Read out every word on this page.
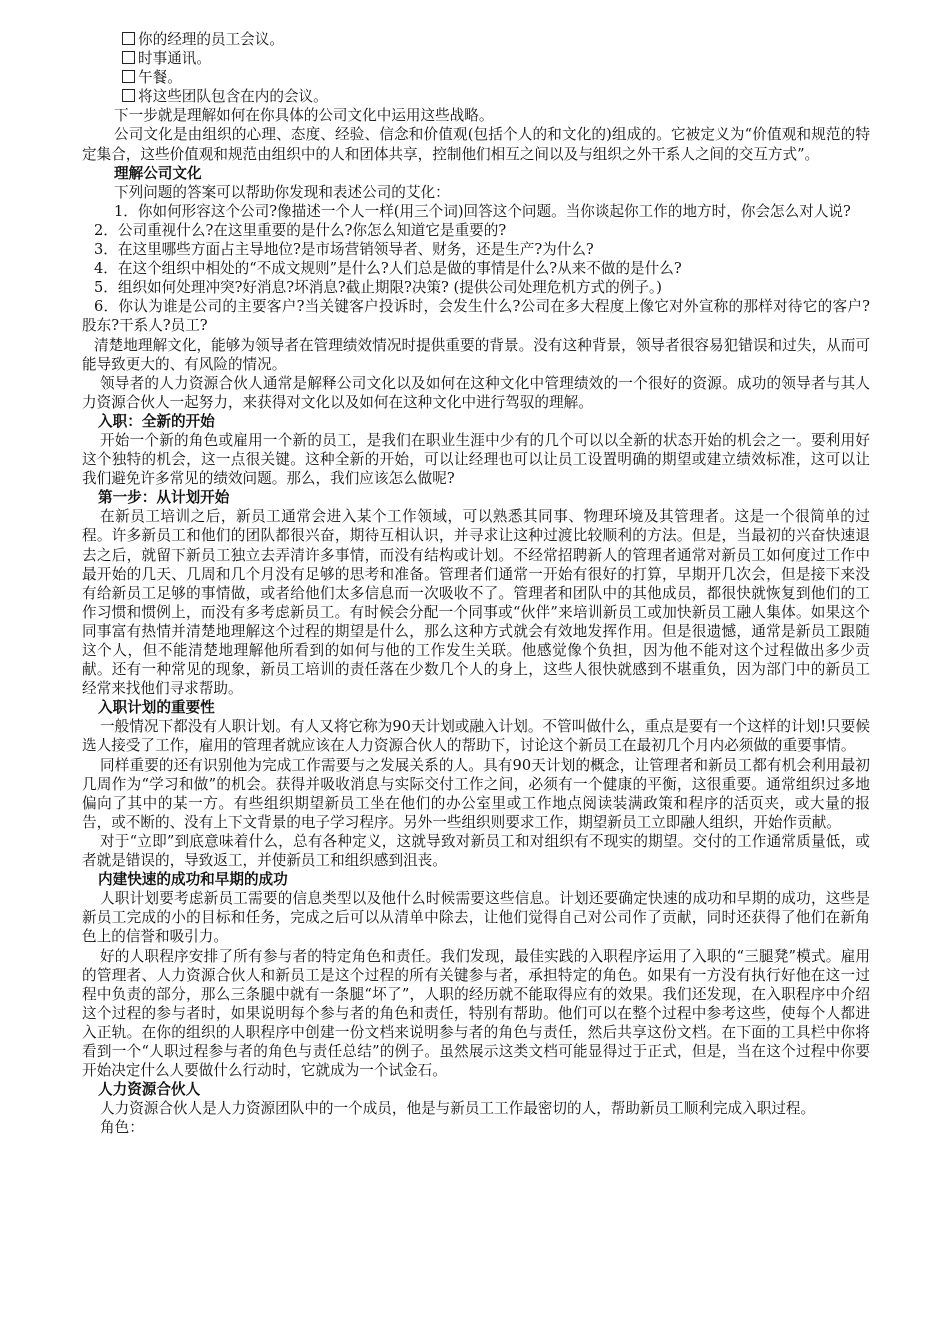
你的经理的员工会议。

时事通讯。

午餐。

将这些团队包含在内的会议。

下一步就是理解如何在你具体的公司文化中运用这些战略。

公司文化是由组织的心理、态度、经验、信念和价值观(包括个人的和文化的)组成的。它被定义为“价值观和规范的特定集合，这些价值观和规范由组织中的人和团体共享，控制他们相互之间以及与组织之外干系人之间的交互方式”。

理解公司文化

下列问题的答案可以帮助你发现和表述公司的艾化：

1．你如何形容这个公司?像描述一个人一样(用三个词)回答这个问题。当你谈起你工作的地方时，你会怎么对人说?

2．公司重视什么?在这里重要的是什么?你怎么知道它是重要的?

3．在这里哪些方面占主导地位?是市场营销领导者、财务，还是生产?为什么?

4．在这个组织中相处的“不成文规则”是什么?人们总是做的事情是什么?从来不做的是什么?

5．组织如何处理冲突?好消息?坏消息?截止期限?决策? (提供公司处理危机方式的例子。)

6．你认为谁是公司的主要客户?当关键客户投诉时，会发生什么?公司在多大程度上像它对外宣称的那样对待它的客户?股东?干系人?员工?

清楚地理解文化，能够为领导者在管理绩效情况时提供重要的背景。没有这种背景，领导者很容易犯错误和过失，从而可能导致更大的、有风险的情况。

领导者的人力资源合伙人通常是解释公司文化以及如何在这种文化中管理绩效的一个很好的资源。成功的领导者与其人力资源合伙人一起努力，来获得对文化以及如何在这种文化中进行驾驭的理解。

入职：全新的开始

开始一个新的角色或雇用一个新的员工，是我们在职业生涯中少有的几个可以以全新的状态开始的机会之一。要利用好这个独特的机会，这一点很关键。这种全新的开始，可以让经理也可以让员工设置明确的期望或建立绩效标准，这可以让我们避免许多常见的绩效问题。那么，我们应该怎么做呢?

第一步：从计划开始

在新员工培训之后，新员工通常会进入某个工作领域，可以熟悉其同事、物理环境及其管理者。这是一个很简单的过程。许多新员工和他们的团队都很兴奋，期待互相认识，并寻求让这种过渡比较顺利的方法。但是，当最初的兴奋快速退去之后，就留下新员工独立去弄清许多事情，而没有结构或计划。不经常招聘新人的管理者通常对新员工如何度过工作中最开始的几天、几周和几个月没有足够的思考和准备。管理者们通常一开始有很好的打算，早期开几次会，但是接下来没有给新员工足够的事情做，或者给他们太多信息而一次吸收不了。管理者和团队中的其他成员，都很快就恢复到他们的工作习惯和惯例上，而没有多考虑新员工。有时候会分配一个同事或“伙伴”来培训新员工或加快新员工融人集体。如果这个同事富有热情并清楚地理解这个过程的期望是什么，那么这种方式就会有效地发挥作用。但是很遗憾，通常是新员工跟随这个人，但不能清楚地理解他所看到的如何与他的工作发生关联。他感觉像个负担，因为他不能对这个过程做出多少贡献。还有一种常见的现象，新员工培训的责任落在少数几个人的身上，这些人很快就感到不堪重负，因为部门中的新员工经常来找他们寻求帮助。

入职计划的重要性

一般情况下都没有人职计划。有人又将它称为90天计划或融入计划。不管叫做什么，重点是要有一个这样的计划!只要候选人接受了工作，雇用的管理者就应该在人力资源合伙人的帮助下，讨论这个新员工在最初几个月内必须做的重要事情。

同样重要的还有识别他为完成工作需要与之发展关系的人。具有90天计划的概念，让管理者和新员工都有机会利用最初几周作为“学习和做”的机会。获得并吸收消息与实际交付工作之间，必须有一个健康的平衡，这很重要。通常组织过多地偏向了其中的某一方。有些组织期望新员工坐在他们的办公室里或工作地点阅读装满政策和程序的活页夹，或大量的报告，或不断的、没有上下文背景的电子学习程序。另外一些组织则要求工作，期望新员工立即融人组织，开始作贡献。

对于“立即”到底意味着什么，总有各种定义，这就导致对新员工和对组织有不现实的期望。交付的工作通常质量低，或者就是错误的，导致返工，并使新员工和组织感到沮丧。

内建快速的成功和早期的成功

人职计划要考虑新员工需要的信息类型以及他什么时候需要这些信息。计划还要确定快速的成功和早期的成功，这些是新员工完成的小的目标和任务，完成之后可以从清单中除去，让他们觉得自己对公司作了贡献，同时还获得了他们在新角色上的信誉和吸引力。

好的人职程序安排了所有参与者的特定角色和责任。我们发现，最佳实践的入职程序运用了入职的“三腿凳”模式。雇用的管理者、人力资源合伙人和新员工是这个过程的所有关键参与者，承担特定的角色。如果有一方没有执行好他在这一过程中负责的部分，那么三条腿中就有一条腿“坏了”，人职的经历就不能取得应有的效果。我们还发现，在入职程序中介绍这个过程的参与者时，如果说明每个参与者的角色和责任，特别有帮助。他们可以在整个过程中参考这些，使每个人都进入正轨。在你的组织的人职程序中创建一份文档来说明参与者的角色与责任，然后共享这份文档。在下面的工具栏中你将看到一个“人职过程参与者的角色与责任总结”的例子。虽然展示这类文档可能显得过于正式，但是，当在这个过程中你要开始决定什么人要做什么行动时，它就成为一个试金石。

人力资源合伙人

人力资源合伙人是人力资源团队中的一个成员，他是与新员工工作最密切的人，帮助新员工顺利完成入职过程。

角色：
